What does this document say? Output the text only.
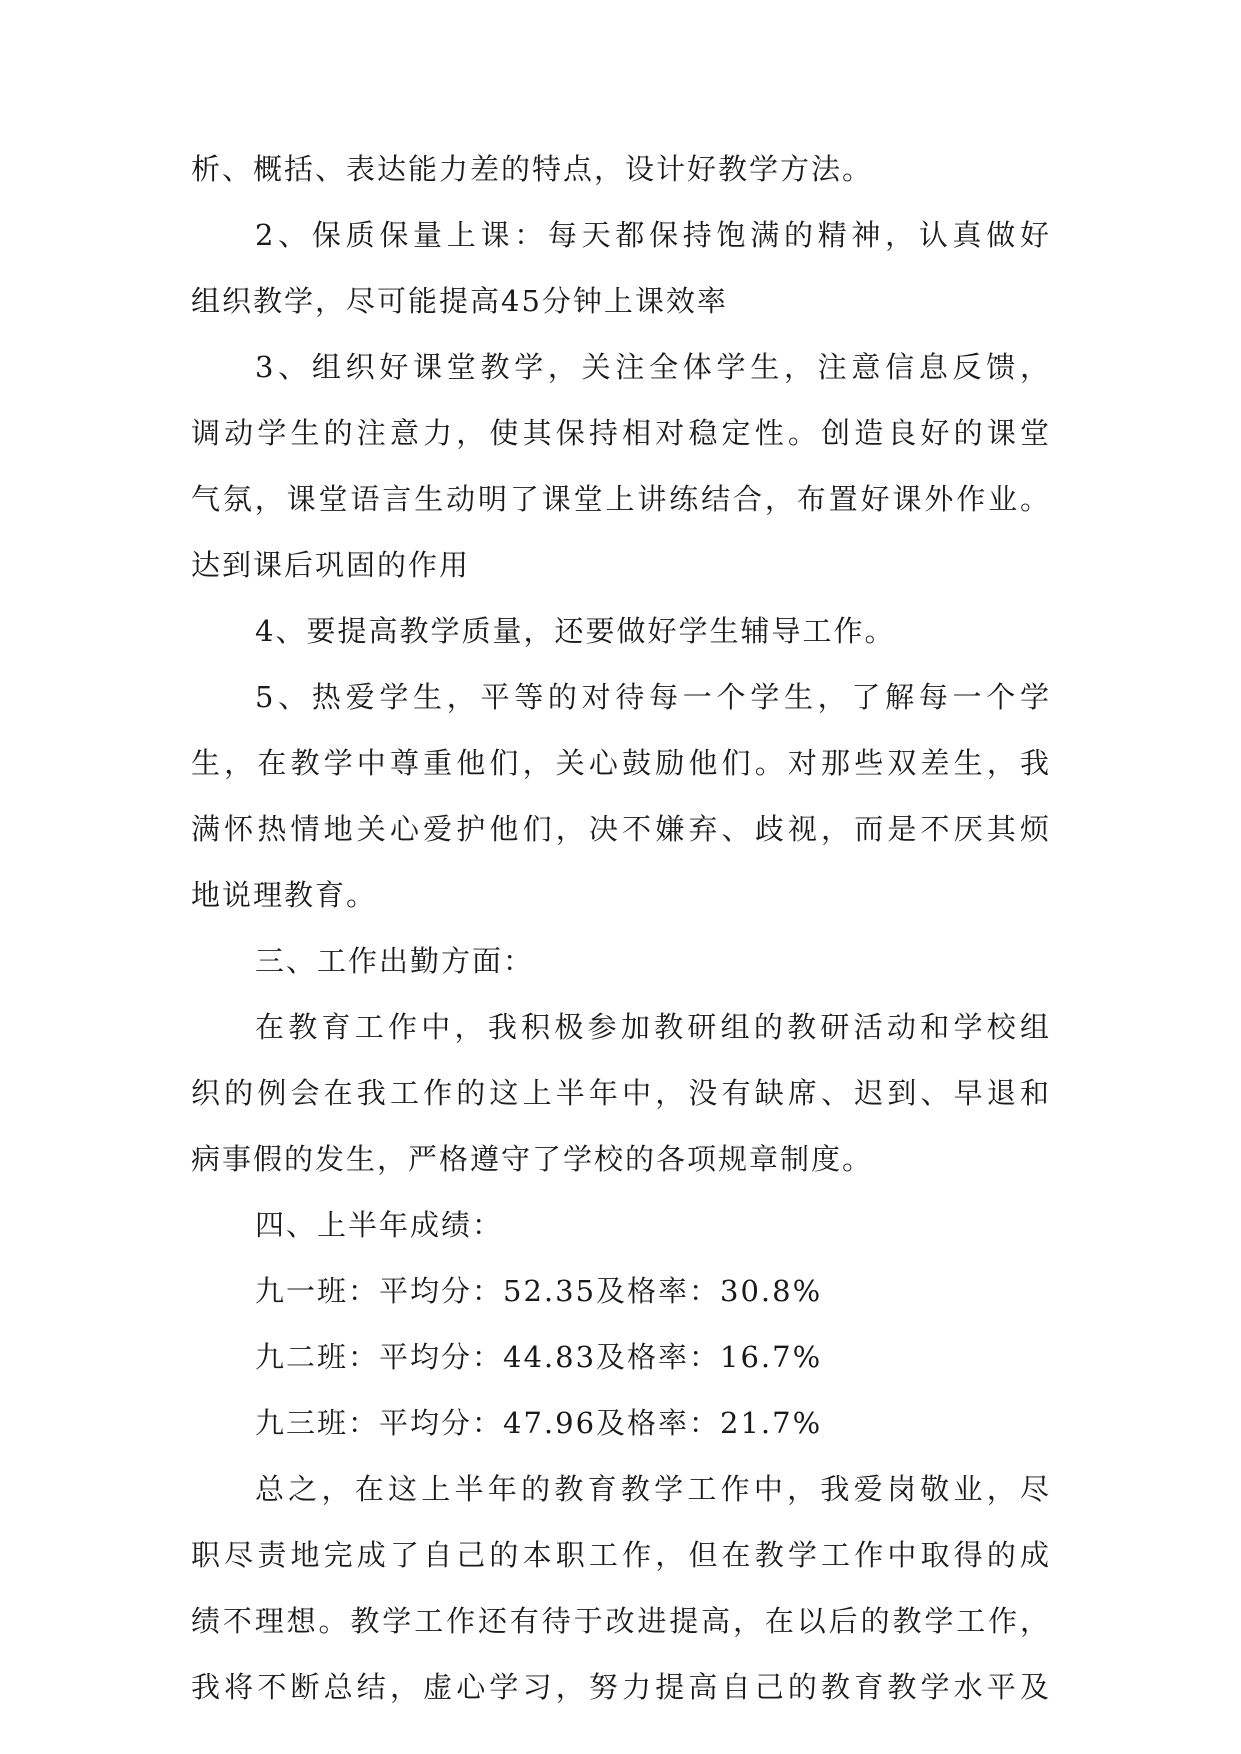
析、概括、表达能力差的特点，设计好教学方法。
2、保质保量上课：每天都保持饱满的精神，认真做好
组织教学，尽可能提高45分钟上课效率
3、组织好课堂教学，关注全体学生，注意信息反馈，
调动学生的注意力，使其保持相对稳定性。创造良好的课堂
气氛，课堂语言生动明了课堂上讲练结合，布置好课外作业。
达到课后巩固的作用
4、要提高教学质量，还要做好学生辅导工作。
5、热爱学生，平等的对待每一个学生，了解每一个学
生，在教学中尊重他们，关心鼓励他们。对那些双差生，我
满怀热情地关心爱护他们，决不嫌弃、歧视，而是不厌其烦
地说理教育。
三、工作出勤方面：
在教育工作中，我积极参加教研组的教研活动和学校组
织的例会在我工作的这上半年中，没有缺席、迟到、早退和
病事假的发生，严格遵守了学校的各项规章制度。
四、上半年成绩：
九一班：平均分：52.35及格率：30.8%
九二班：平均分：44.83及格率：16.7%
九三班：平均分：47.96及格率：21.7%
总之，在这上半年的教育教学工作中，我爱岗敬业，尽
职尽责地完成了自己的本职工作，但在教学工作中取得的成
绩不理想。教学工作还有待于改进提高，在以后的教学工作，
我将不断总结，虚心学习，努力提高自己的教育教学水平及
